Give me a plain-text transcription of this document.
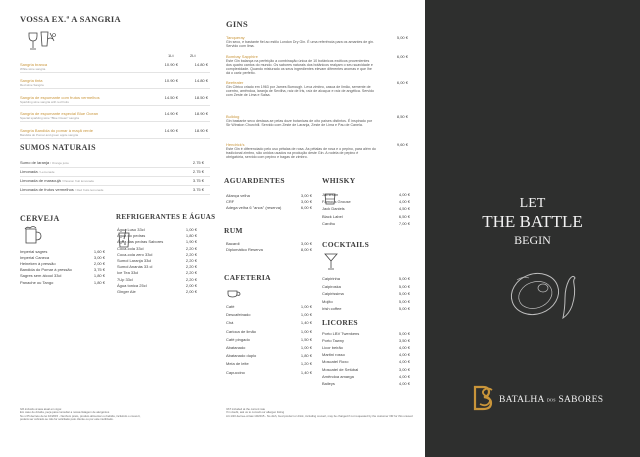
VOSSA EX.ª A SANGRIA
1Lt	2Lt
Sangria branca
White wine sangria
10.90 €	14.80 €
Sangria tinta
Red wine Sangria
10.90 €	14.80 €
Sangria de espumante com frutos vermelhos
Sparkling wine sangria with red fruits
14.50 €	18.50 €
Sangria de espumante especial Blue Ocean
Special sparkling wine "Blue Ocean" sangria
14.90 €	18.90 €
Sangria Bandida do pomar à maçã verde
Bandida do Pomar and green apple sangria
14.90 €	18.90 €
SUMOS NATURAIS
Sumo de laranja / Orange juice	2.75 €
Limonada / Lemonade	2.75 €
Limonada de maracujá / Passion fruit lemonade	3.75 €
Limonada de frutos vermelhos / Red fruits lemonade	3.75 €
CERVEJA
Imperial sagres	1,60 €
Imperial Caneca	3,00 €
Heineken à pressão	2,00 €
Bandida do Pomar à pressão	3,75 €
Sagres sem álcool 33cl	1,80 €
Panache ou Tango	1,80 €
REFRIGERANTES E ÁGUAS
Água Luso 33cl	1,00 €
Água do pedras	1,80 €
Água das pedras Sabores	1,90 €
Coca-cola 33cl	2,20 €
Coca-cola zero 33cl	2,20 €
Sumol Laranja 33cl	2,20 €
Sumol Ananás 33 cl	2,20 €
Ice Tea 33cl	2,20 €
7Up 33cl	2,20 €
Água tonica 25cl	2,00 €
Ginger Ale	2,00 €
IVA incluído à taxa atual em vigor.
Em caso de dúvida, peça para consultar a nossa listagem de alergénios
No s 05 decreto de lei 10/2015 - Nenhum prato, produto alimentar ou bebida, incluindo o couvert,
poderá ser cobrado se não for solicitado pelo cliente ou por este inutilizado.
GINS
Tanqueray	5,00 €
Gin seco, e bastante fiel ao estilo London Dry Gin. É uma referência para os amantes de gin. Servido com lima.
Bombay Sapphire	6,00 €
Este Gin balança na perfeição a combinação única de 10 botânicos exóticos provenientes dos quatro cantos do mundo. Os sabores naturais dos botânicos realçam o seu suavidade e complexidade. Quando misturado os seus ingredientes elevam diferentes aromas e que lhe dá o cariz perfeito.
Beefeater	6,00 €
Gin Cítrico criado em 1963 por James Burrough. Leva zimbro, casca de limão, semente de coentro, amêndoa, laranja de Sevilha, raíz de Íris, raíz de alcaçuz e raíz de angélica. Servido com Zeste de Lima e Salsa.
Bulldog	8,50 €
Gin bastante seco destaca-se pelas doze botanicas de oito países distintos. É inspirado por Sir Winston Churchill. Servido com Zeste de Laranja, Zeste de Lima e Pau de Canela.
Hendrick's	9,60 €
Este Gin é diferenciado pelo uso pétalas de rosa. As pétalas de rosa e o pepino, para além do tradicional zimbro, são unidos usados na produção deste Gin. A rodela de pepino é obrigatória, servido com pepino e bagas de zimbro.
AGUARDENTES
Aliança velha	3,00 €
CRF	3,00 €
Adega velha 6 "anos" (reserva)	6,00 €
RUM
Bacardi	3,00 €
Diplomático Reserva	8,00 €
CAFETERIA
Café	1,00 €
Descafeinado	1,00 €
Chá	1,40 €
Carioca de limão	1,00 €
Café pingado	1,50 €
Abatanado	1,00 €
Abatanado duplo	1,80 €
Meia de leite	1,20 €
Capuccino	1,40 €
WHISKY
Jameson	4,00 €
Famous Grouse	4,00 €
Jack Daniels	4,50 €
Black Label	6,50 €
Cardhu	7,00 €
COCKTAILS
Caipirinha	5,00 €
Caipiroska	5,00 €
Caipirissima	5,00 €
Mojito	5,00 €
Irish coffee	5,00 €
LICORES
Porto LBV Twenkens	5,00 €
Porto Tawny	3,50 €
Licor beirão	4,00 €
Martini rosso	4,00 €
Moscatel Roxo	4,00 €
Moscatel de Setúbal	3,00 €
Amêndoa amarga	4,00 €
Baileys	4,00 €
VAT included at the current rate
If in doubt, ask us to consult our allergen listing
Art.1/20 decree-of-law 10/2015 - No dish, food product or drink, including couvert, may be charged if not requested by the customer OR for this unused
LET
THE BATTLE
BEGIN
BATALHA DOS SABORES
